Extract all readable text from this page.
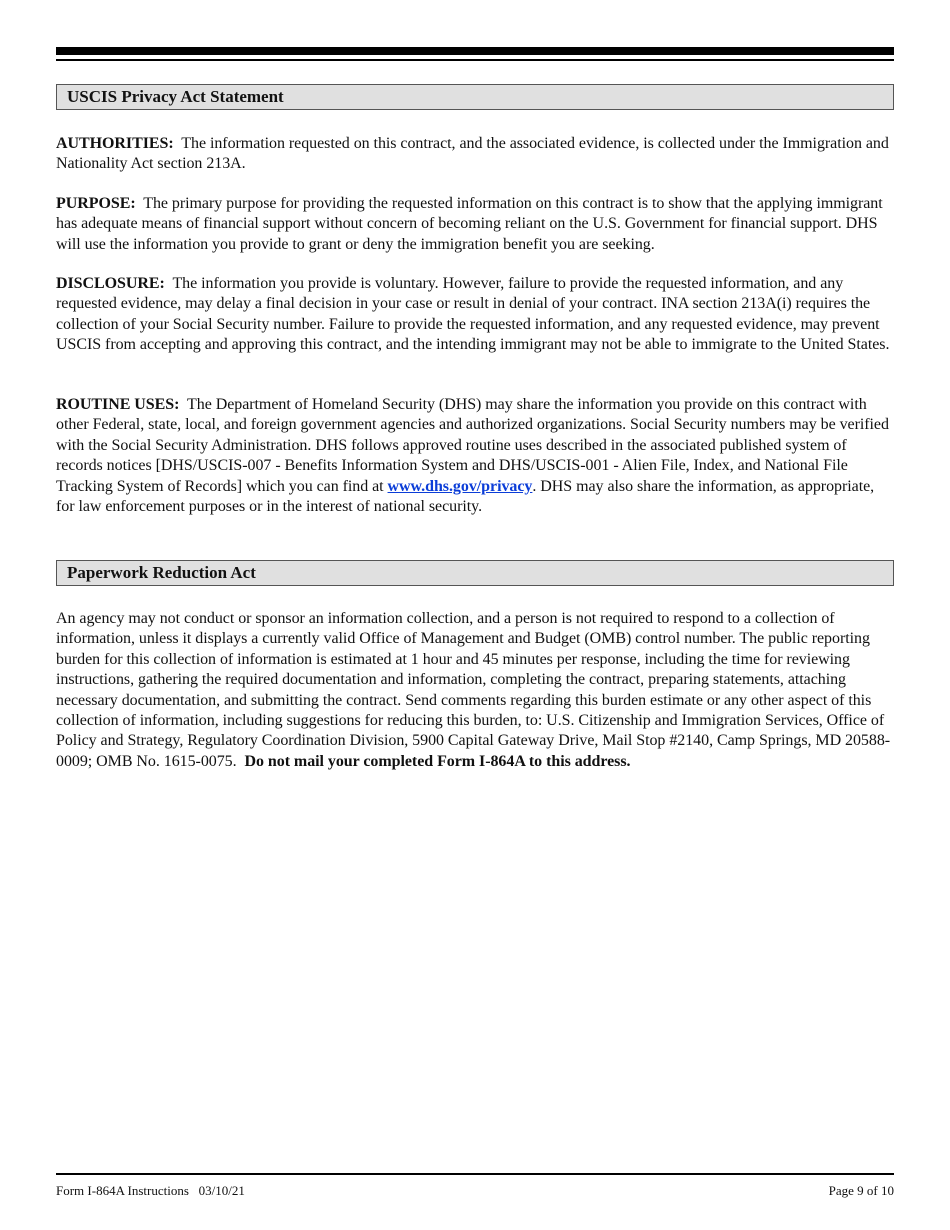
USCIS Privacy Act Statement

AUTHORITIES: The information requested on this contract, and the associated evidence, is collected under the Immigration and Nationality Act section 213A.

PURPOSE: The primary purpose for providing the requested information on this contract is to show that the applying immigrant has adequate means of financial support without concern of becoming reliant on the U.S. Government for financial support. DHS will use the information you provide to grant or deny the immigration benefit you are seeking.

DISCLOSURE: The information you provide is voluntary. However, failure to provide the requested information, and any requested evidence, may delay a final decision in your case or result in denial of your contract. INA section 213A(i) requires the collection of your Social Security number. Failure to provide the requested information, and any requested evidence, may prevent USCIS from accepting and approving this contract, and the intending immigrant may not be able to immigrate to the United States.

ROUTINE USES: The Department of Homeland Security (DHS) may share the information you provide on this contract with other Federal, state, local, and foreign government agencies and authorized organizations. Social Security numbers may be verified with the Social Security Administration. DHS follows approved routine uses described in the associated published system of records notices [DHS/USCIS-007 - Benefits Information System and DHS/USCIS-001 - Alien File, Index, and National File Tracking System of Records] which you can find at www.dhs.gov/privacy. DHS may also share the information, as appropriate, for law enforcement purposes or in the interest of national security.

Paperwork Reduction Act

An agency may not conduct or sponsor an information collection, and a person is not required to respond to a collection of information, unless it displays a currently valid Office of Management and Budget (OMB) control number. The public reporting burden for this collection of information is estimated at 1 hour and 45 minutes per response, including the time for reviewing instructions, gathering the required documentation and information, completing the contract, preparing statements, attaching necessary documentation, and submitting the contract. Send comments regarding this burden estimate or any other aspect of this collection of information, including suggestions for reducing this burden, to: U.S. Citizenship and Immigration Services, Office of Policy and Strategy, Regulatory Coordination Division, 5900 Capital Gateway Drive, Mail Stop #2140, Camp Springs, MD 20588-0009; OMB No. 1615-0075. Do not mail your completed Form I-864A to this address.

Form I-864A Instructions   03/10/21	Page 9 of 10
